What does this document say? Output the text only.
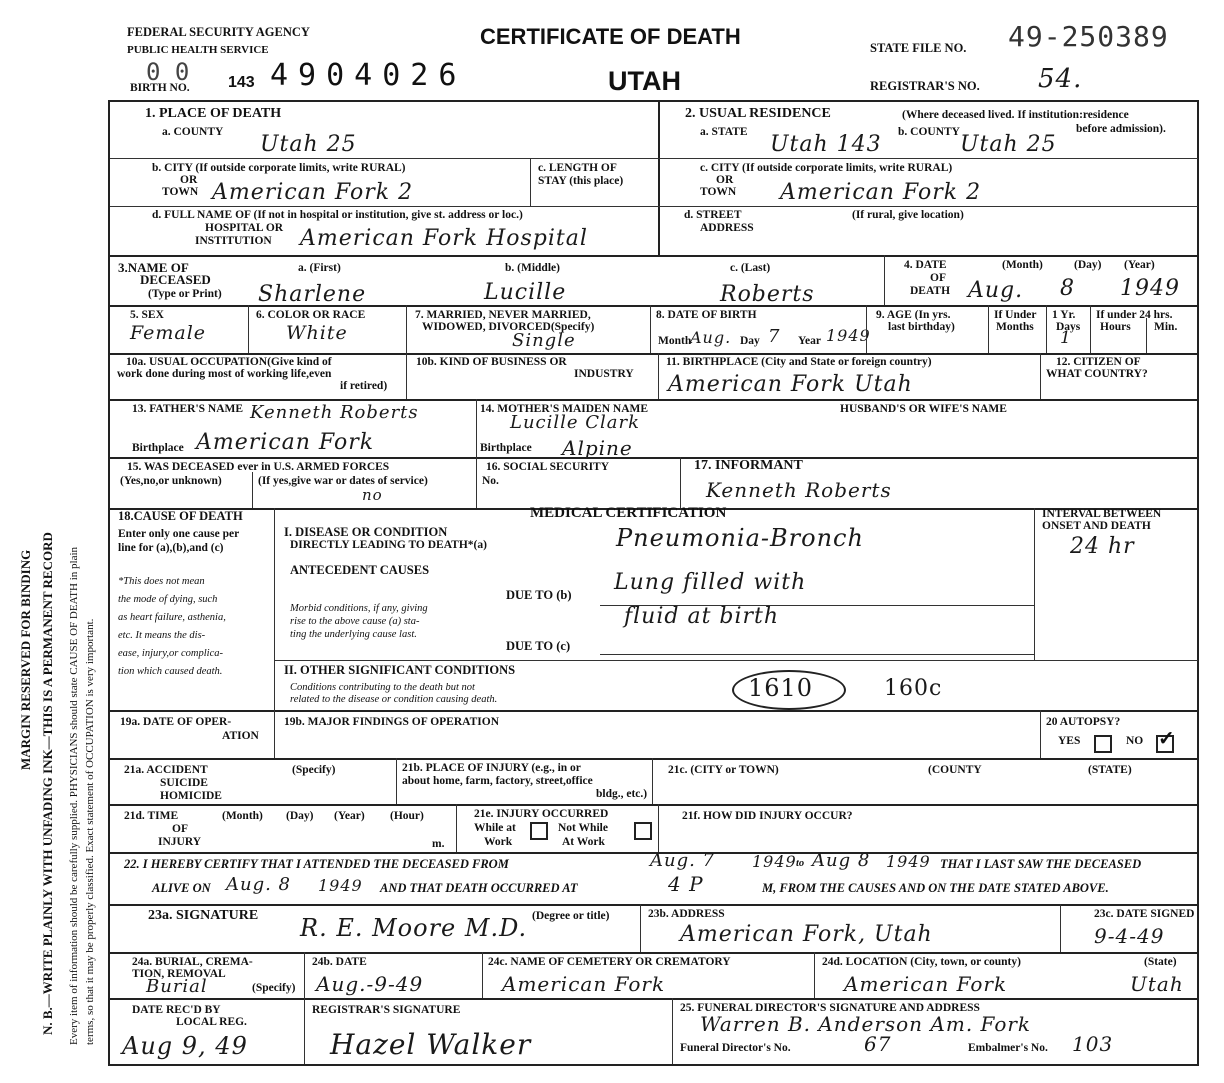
MARGIN RESERVED FOR BINDING N. B.—WRITE PLAINLY WITH UNFADING INK—THIS IS A PERMANENT RECORD Every item of information should be carefully supplied. PHYSICIANS should state CAUSE OF DEATH in plain terms, so that it may be properly classified. Exact statement of OCCUPATION is very important.
FEDERAL SECURITY AGENCY
PUBLIC HEALTH SERVICE
CERTIFICATE OF DEATH
UTAH
STATE FILE NO. 49-250389
BIRTH NO.
0 0 143 4904026	REGISTRAR'S NO. 54.
1. PLACE OF DEATH
a. COUNTY Utah 25
b. CITY (If outside corporate limits, write RURAL)
OR
TOWN American Fork 2
c. LENGTH OF
STAY (this place)
d. FULL NAME OF (If not in hospital or institution, give st. address or loc.)
HOSPITAL OR
INSTITUTION American Fork Hospital
2. USUAL RESIDENCE	(Where deceased lived. If institution:residence
before admission).
a. STATE Utah 143 b. COUNTY Utah 25
c. CITY (If outside corporate limits, write RURAL)
OR
TOWN American Fork 2
d. STREET
ADDRESS
(If rural, give location)
3.NAME OF
DECEASED
(Type or Print)
a. (First)	b. (Middle)	c. (Last)
Sharlene	Lucille	Roberts
4. DATE
OF
DEATH
(Month)	(Day) (Year)
Aug. 8 1949
5. SEX
Female
6. COLOR OR RACE
White
7. MARRIED, NEVER MARRIED,
WIDOWED, DIVORCED(Specify)
Single
8. DATE OF BIRTH
Month
Aug. Day 7 Year 1949
9. AGE (In yrs.
last birthday)
If Under 1 Yr.
Months Days
1
If under 24 hrs.
Hours Min.
10a. USUAL OCCUPATION(Give kind of
work done during most of working life,even
if retired)
10b. KIND OF BUSINESS OR
INDUSTRY
11. BIRTHPLACE (City and State or foreign country)
American Fork Utah
12. CITIZEN OF
WHAT COUNTRY?
13. FATHER'S NAME Kenneth Roberts
Birthplace American Fork
14. MOTHER'S MAIDEN NAME
Lucille Clark
Birthplace Alpine
HUSBAND'S OR WIFE'S NAME
15. WAS DECEASED ever in U.S. ARMED FORCES
(Yes,no,or unknown)	(If yes,give war or dates of service)
no
16. SOCIAL SECURITY
No.
17. INFORMANT
Kenneth Roberts
18.CAUSE OF DEATH
Enter only one cause per
line for (a),(b),and (c)
*This does not mean
the mode of dying, such
as heart failure, asthenia,
etc. It means the dis-
ease, injury,or complica-
tion which caused death.
MEDICAL CERTIFICATION
I. DISEASE OR CONDITION
DIRECTLY LEADING TO DEATH*(a)	Pneumonia-Bronch
ANTECEDENT CAUSES
DUE TO (b) Lung filled with
fluid at birth
Morbid conditions, if any, giving
rise to the above cause (a) sta-
ting the underlying cause last.
DUE TO (c)
II. OTHER SIGNIFICANT CONDITIONS
Conditions contributing to the death but not
related to the disease or condition causing death.	1610	160c
INTERVAL BETWEEN
ONSET AND DEATH
24 hr
19a. DATE OF OPER-
ATION
19b. MAJOR FINDINGS OF OPERATION	20 AUTOPSY?
YES	NO ✓
21a. ACCIDENT
SUICIDE
HOMICIDE
(Specify)	21b. PLACE OF INJURY (e.g., in or
about home, farm, factory, street,office
bldg., etc.)
21c. (CITY or TOWN)	(COUNTY	(STATE)
21d. TIME
OF
INJURY
(Month) (Day) (Year) (Hour)
m.
21e. INJURY OCCURRED
While at
Work
Not While
At Work
21f. HOW DID INJURY OCCUR?
22. I HEREBY CERTIFY THAT I ATTENDED THE DECEASED FROM	Aug. 7 1949 to Aug 8 1949 THAT I LAST SAW THE DECEASED
ALIVE ON Aug. 8 1949 AND THAT DEATH OCCURRED AT	4 P	M, FROM THE CAUSES AND ON THE DATE STATED ABOVE.
23a. SIGNATURE R. E. Moore M.D. (Degree or title)	23b. ADDRESS
American Fork, Utah
23c. DATE SIGNED
9-4-49
24a. BURIAL, CREMA-
TION, REMOVAL
(Specify)
Burial
24b. DATE
Aug.-9-49
24c. NAME OF CEMETERY OR CREMATORY
American Fork
24d. LOCATION (City, town, or county)	(State)
American Fork	Utah
DATE REC'D BY
LOCAL REG.
Aug 9, 49
REGISTRAR'S SIGNATURE
Hazel Walker
25. FUNERAL DIRECTOR'S SIGNATURE AND ADDRESS
Warren B. Anderson Am. Fork
Funeral Director's No.	67	Embalmer's No. 103
